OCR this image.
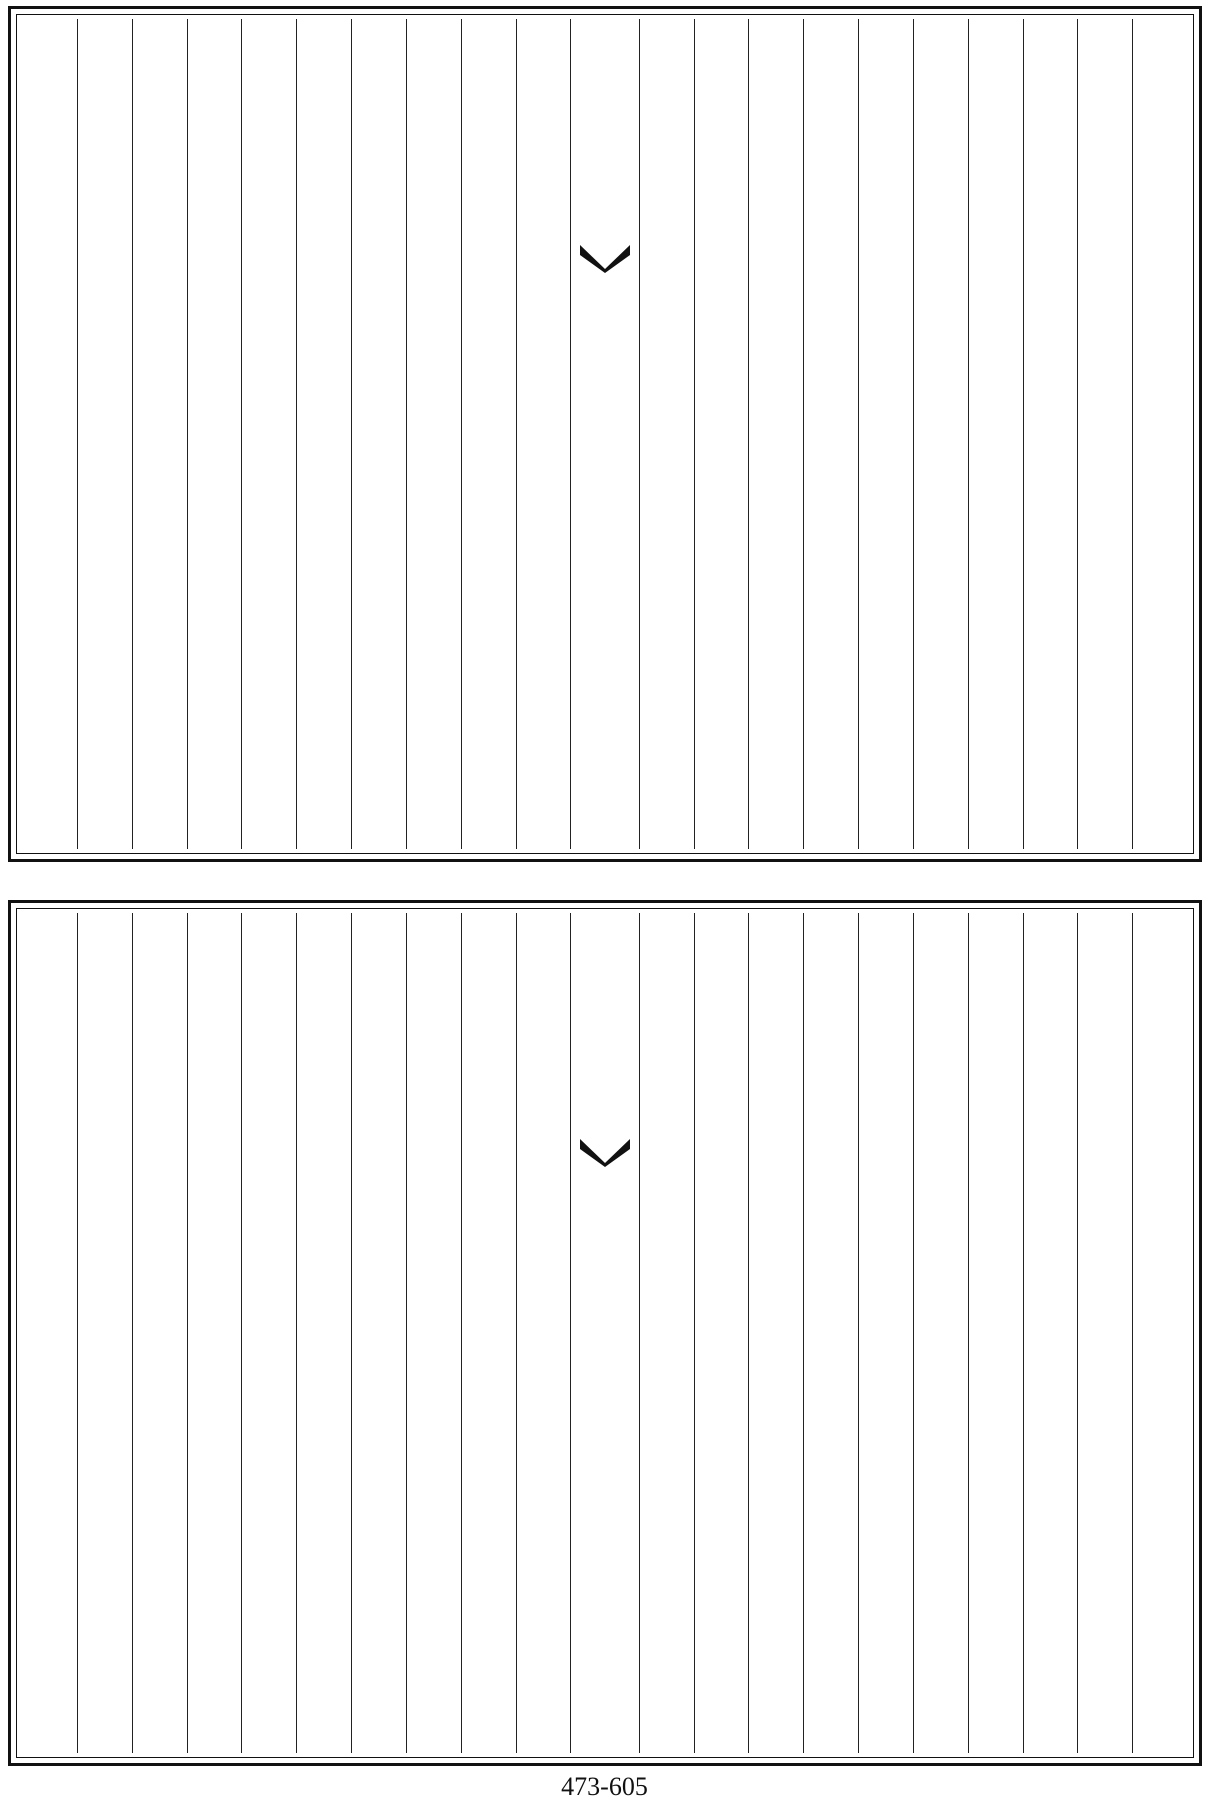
473-605
